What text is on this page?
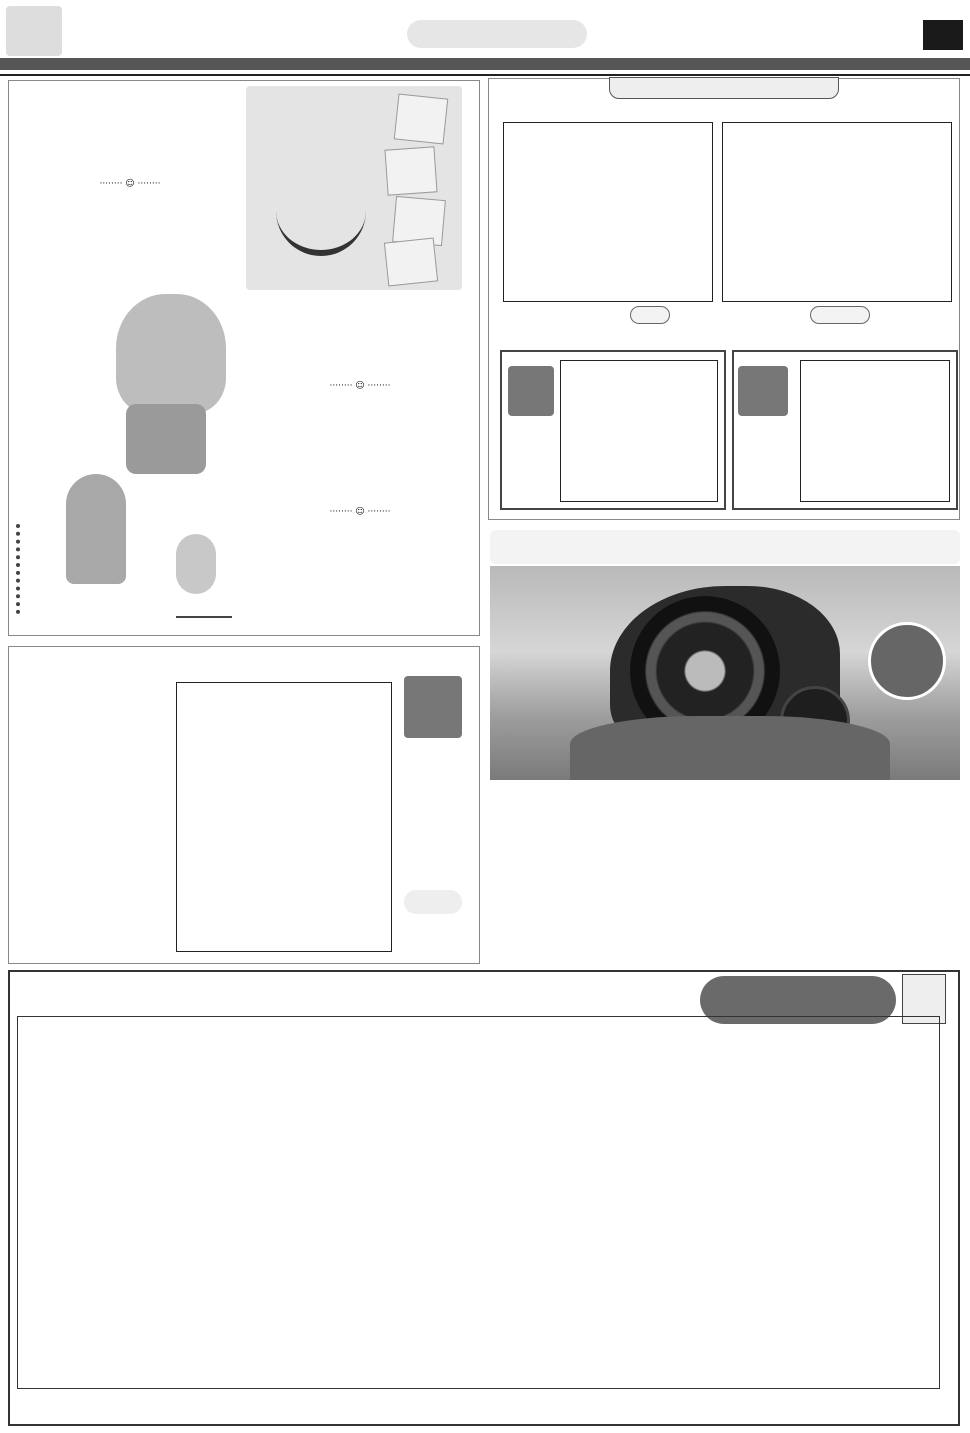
········ ☺ ········
········ ☺ ········
········ ☺ ········
